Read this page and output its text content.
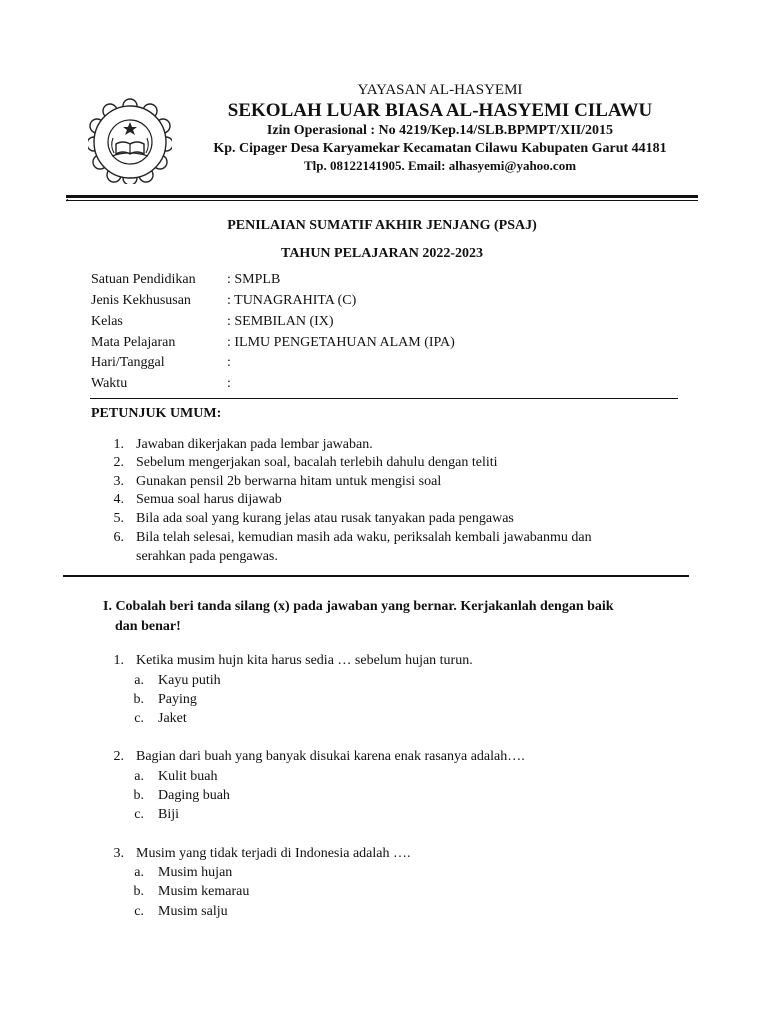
YAYASAN AL-HASYEMI
SEKOLAH LUAR BIASA AL-HASYEMI CILAWU
Izin Operasional : No 4219/Kep.14/SLB.BPMPT/XII/2015
Kp. Cipager Desa Karyamekar Kecamatan Cilawu Kabupaten Garut 44181
Tlp. 08122141905. Email: alhasyemi@yahoo.com
PENILAIAN SUMATIF AKHIR JENJANG (PSAJ)
TAHUN PELAJARAN 2022-2023
Satuan Pendidikan : SMPLB
Jenis Kekhususan	: TUNAGRAHITA (C)
Kelas	: SEMBILAN (IX)
Mata Pelajaran	: ILMU PENGETAHUAN ALAM (IPA)
Hari/Tanggal	:
Waktu	:
PETUNJUK UMUM:
1. Jawaban dikerjakan pada lembar jawaban.
2. Sebelum mengerjakan soal, bacalah terlebih dahulu dengan teliti
3. Gunakan pensil 2b berwarna hitam untuk mengisi soal
4. Semua soal harus dijawab
5. Bila ada soal yang kurang jelas atau rusak tanyakan pada pengawas
6. Bila telah selesai, kemudian masih ada waku, periksalah kembali jawabanmu dan
serahkan pada pengawas.
I. Cobalah beri tanda silang (x) pada jawaban yang bernar. Kerjakanlah dengan baik
dan benar!
1. Ketika musim hujn kita harus sedia … sebelum hujan turun.
a. Kayu putih
b. Paying
c. Jaket
2. Bagian dari buah yang banyak disukai karena enak rasanya adalah….
a. Kulit buah
b. Daging buah
c. Biji
3. Musim yang tidak terjadi di Indonesia adalah ….
a. Musim hujan
b. Musim kemarau
c. Musim salju
